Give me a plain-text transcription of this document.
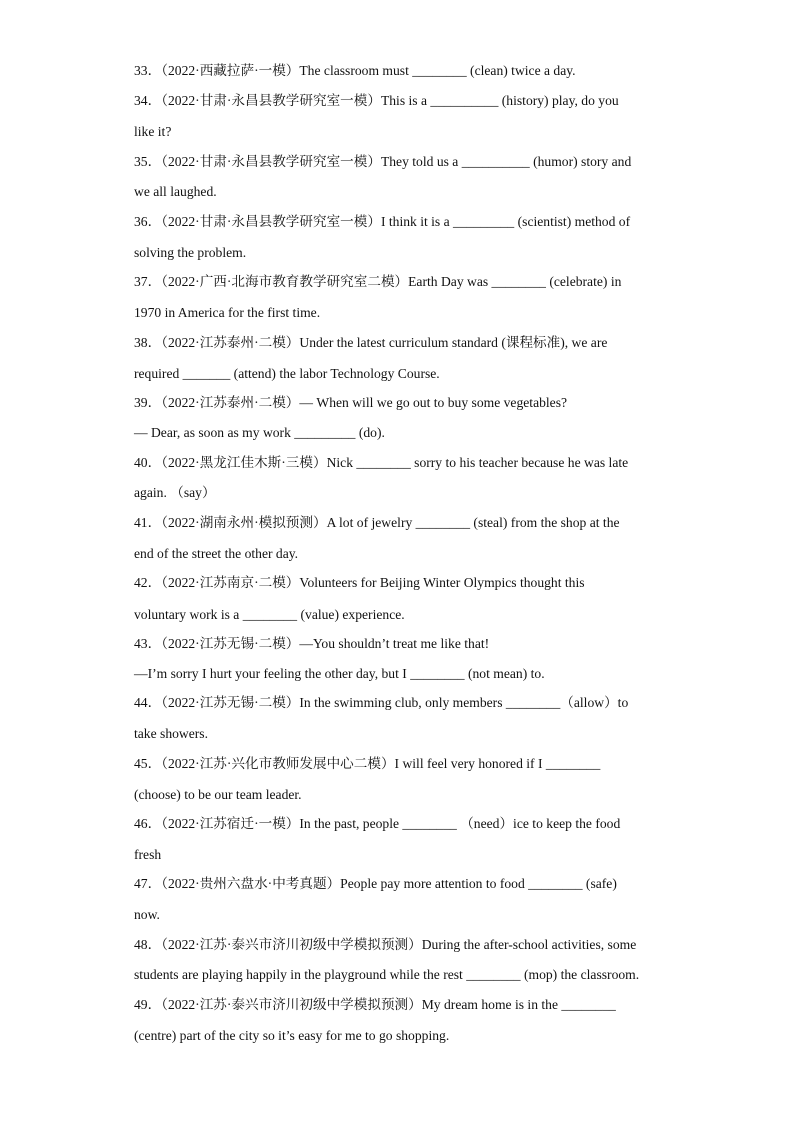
33．（2022·西藏拉萨·一模）The classroom must ________ (clean) twice a day.
34．（2022·甘肃·永昌县教学研究室一模）This is a __________ (history) play, do you
like it?
35．（2022·甘肃·永昌县教学研究室一模）They told us a __________ (humor) story and
we all laughed.
36．（2022·甘肃·永昌县教学研究室一模）I think it is a _________ (scientist) method of
solving the problem.
37．（2022·广西·北海市教育教学研究室二模）Earth Day was ________ (celebrate) in
1970 in America for the first time.
38．（2022·江苏泰州·二模）Under the latest curriculum standard (课程标准), we are
required _______ (attend) the labor Technology Course.
39．（2022·江苏泰州·二模）— When will we go out to buy some vegetables?
— Dear, as soon as my work _________ (do).
40．（2022·黑龙江佳木斯·三模）Nick ________ sorry to his teacher because he was late
again. （say）
41．（2022·湖南永州·模拟预测）A lot of jewelry ________ (steal) from the shop at the
end of the street the other day.
42．（2022·江苏南京·二模）Volunteers for Beijing Winter Olympics thought this
voluntary work is a ________ (value) experience.
43．（2022·江苏无锡·二模）—You shouldn’t treat me like that!
—I’m sorry I hurt your feeling the other day, but I ________ (not mean) to.
44．（2022·江苏无锡·二模）In the swimming club, only members ________（allow）to
take showers.
45．（2022·江苏·兴化市教师发展中心二模）I will feel very honored if I ________
(choose) to be our team leader.
46．（2022·江苏宿迁·一模）In the past, people ________ （need）ice to keep the food
fresh
47．（2022·贵州六盘水·中考真题）People pay more attention to food ________ (safe)
now.
48．（2022·江苏·泰兴市济川初级中学模拟预测）During the after-school activities, some
students are playing happily in the playground while the rest ________ (mop) the classroom.
49．（2022·江苏·泰兴市济川初级中学模拟预测）My dream home is in the ________
(centre) part of the city so it’s easy for me to go shopping.
